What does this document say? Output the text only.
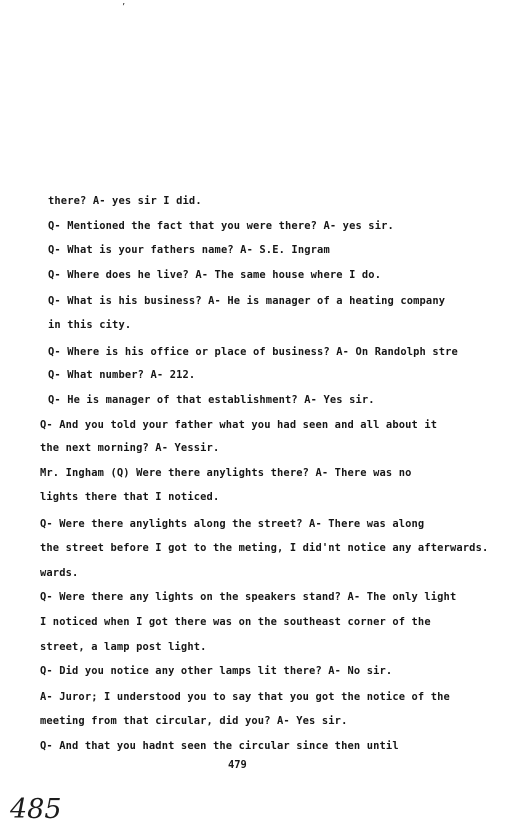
’
there? A- yes sir I did.
Q- Mentioned the fact that you were there? A- yes sir.
Q- What is your fathers name? A- S.E. Ingram
Q- Where does he live? A- The same house where I do.
Q- What is his business? A- He is manager of a heating company
in this city.
Q- Where is his office or place of business? A- On Randolph stre
Q- What number? A- 212.
Q- He is manager of that establishment? A- Yes sir.
Q- And you told your father what you had seen and all about it
the next morning? A- Yessir.
Mr. Ingham (Q) Were there anylights there? A- There was no
lights there that I noticed.
Q- Were there anylights along the street? A- There was along
the street before I got to the meting, I did'nt notice any afterwards.
wards.
Q- Were there any lights on the speakers stand? A- The only light
I noticed when I got there was on the southeast corner of the
street, a lamp post light.
Q- Did you notice any other lamps lit there? A- No sir.
A- Juror; I understood you to say that you got the notice of the
meeting from that circular, did you? A- Yes sir.
Q- And that you hadnt seen the circular since then until
479
485
